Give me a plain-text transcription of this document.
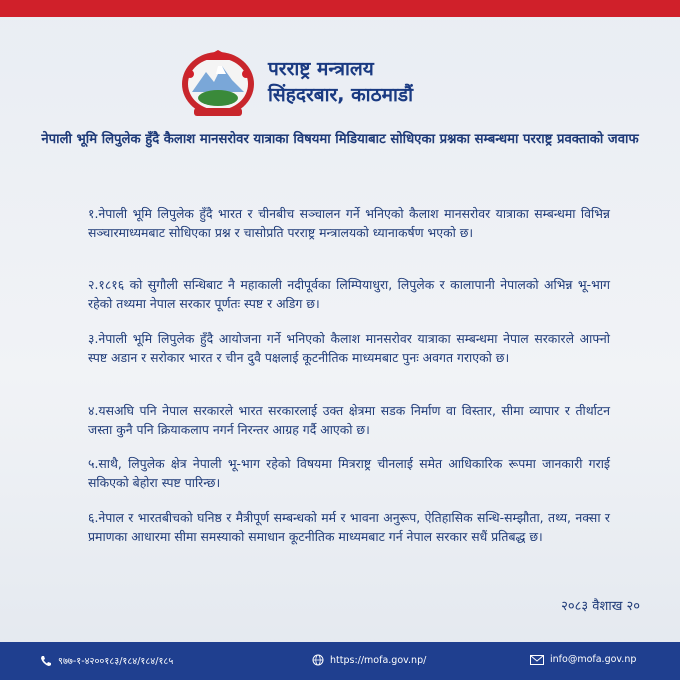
परराष्ट्र मन्त्रालय
सिंहदरबार, काठमाडौं
नेपाली भूमि लिपुलेक हुँदै कैलाश मानसरोवर यात्राका विषयमा मिडियाबाट सोधिएका प्रश्नका सम्बन्धमा परराष्ट्र प्रवक्ताको जवाफ
१.नेपाली भूमि लिपुलेक हुँदै भारत र चीनबीच सञ्चालन गर्ने भनिएको कैलाश मानसरोवर यात्राका सम्बन्धमा विभिन्न सञ्चारमाध्यमबाट सोधिएका प्रश्न र चासोप्रति परराष्ट्र मन्त्रालयको ध्यानाकर्षण भएको छ।
२.१८१६ को सुगौली सन्धिबाट नै महाकाली नदीपूर्वका लिम्पियाधुरा, लिपुलेक र कालापानी नेपालको अभिन्न भू-भाग रहेको तथ्यमा नेपाल सरकार पूर्णतः स्पष्ट र अडिग छ।
३.नेपाली भूमि लिपुलेक हुँदै आयोजना गर्ने भनिएको कैलाश मानसरोवर यात्राका सम्बन्धमा नेपाल सरकारले आफ्नो स्पष्ट अडान र सरोकार भारत र चीन दुवै पक्षलाई कूटनीतिक माध्यमबाट पुनः अवगत गराएको छ।
४.यसअघि पनि नेपाल सरकारले भारत सरकारलाई उक्त क्षेत्रमा सडक निर्माण वा विस्तार, सीमा व्यापार र तीर्थाटन जस्ता कुनै पनि क्रियाकलाप नगर्न निरन्तर आग्रह गर्दै आएको छ।
५.साथै, लिपुलेक क्षेत्र नेपाली भू-भाग रहेको विषयमा मित्रराष्ट्र चीनलाई समेत आधिकारिक रूपमा जानकारी गराई सकिएको बेहोरा स्पष्ट पारिन्छ।
६.नेपाल र भारतबीचको घनिष्ठ र मैत्रीपूर्ण सम्बन्धको मर्म र भावना अनुरूप, ऐतिहासिक सन्धि-सम्झौता, तथ्य, नक्सा र प्रमाणका आधारमा सीमा समस्याको समाधान कूटनीतिक माध्यमबाट गर्न नेपाल सरकार सधैं प्रतिबद्ध छ।
२०८३ वैशाख २०
९७७-१-४२००१८३/१८४/१८४/१८५	https://mofa.gov.np/	info@mofa.gov.np
